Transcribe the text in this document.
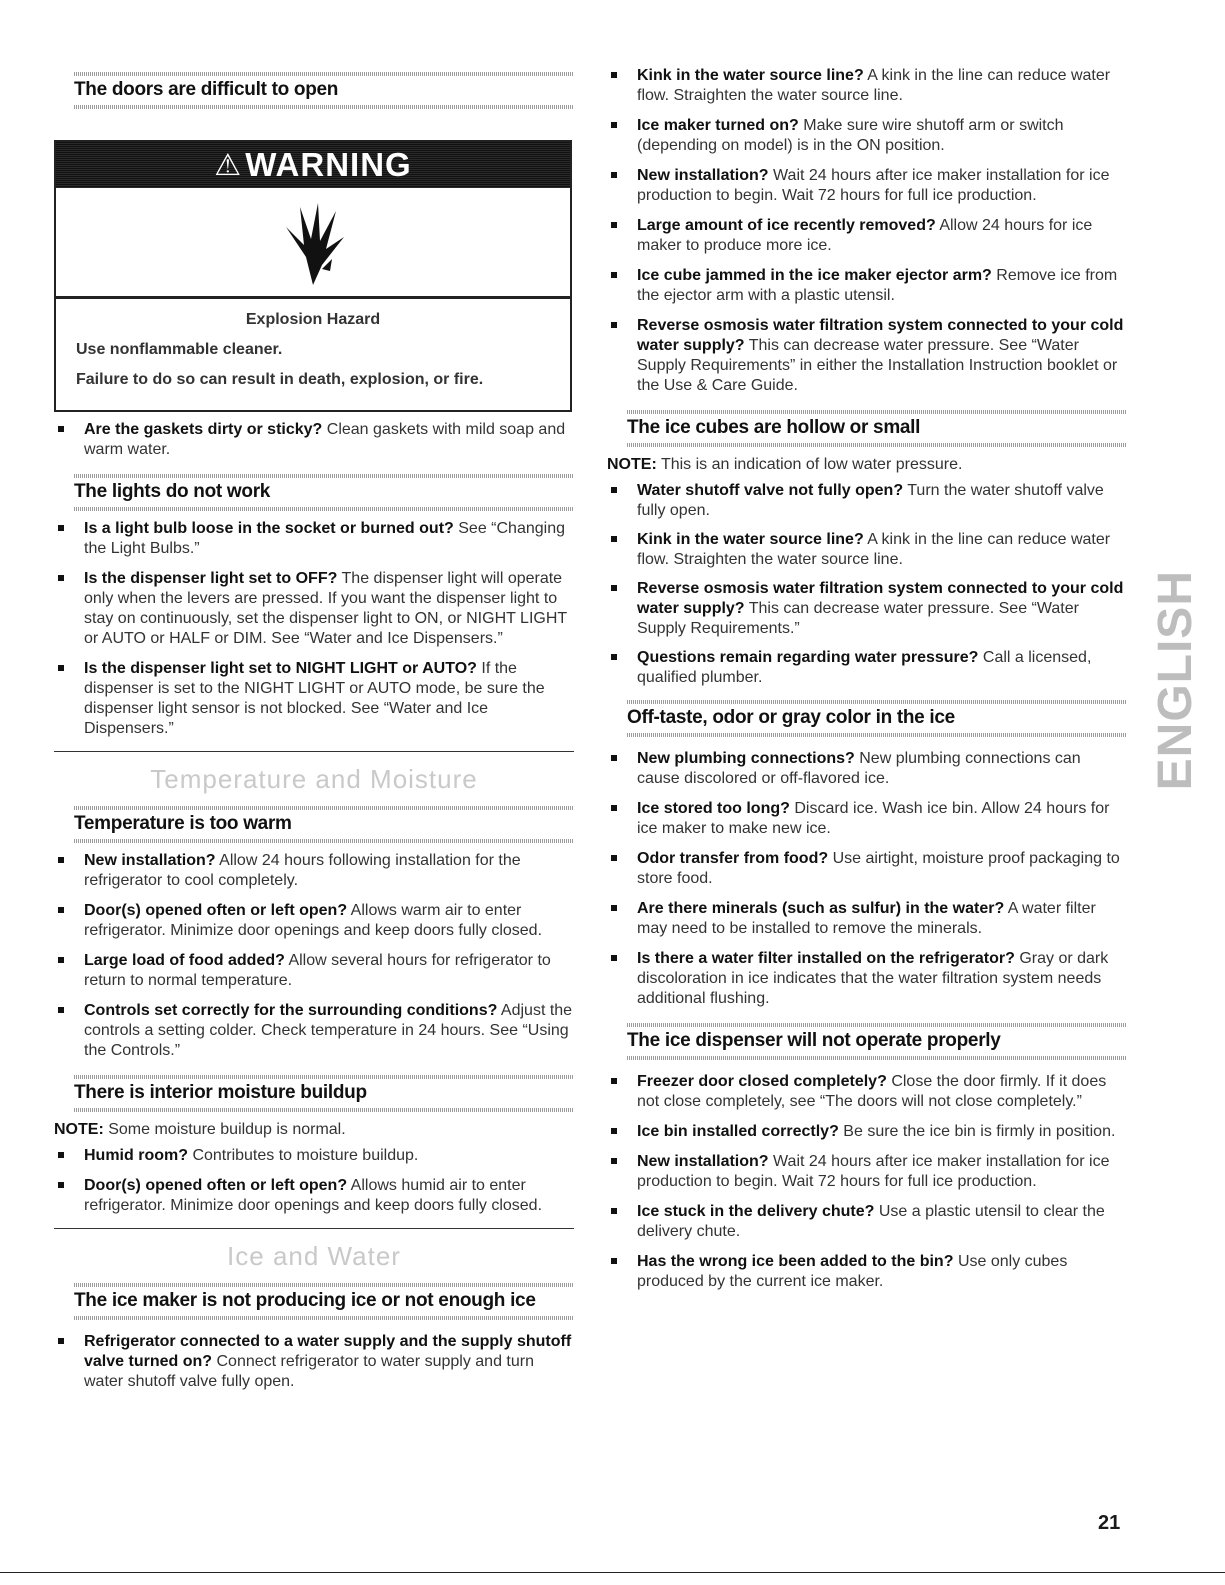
The doors are difficult to open
⚠ WARNING
Explosion Hazard
Use nonflammable cleaner.
Failure to do so can result in death, explosion, or fire.
Are the gaskets dirty or sticky? Clean gaskets with mild soap and warm water.
The lights do not work
Is a light bulb loose in the socket or burned out? See “Changing the Light Bulbs.”
Is the dispenser light set to OFF? The dispenser light will operate only when the levers are pressed. If you want the dispenser light to stay on continuously, set the dispenser light to ON, or NIGHT LIGHT or AUTO or HALF or DIM. See “Water and Ice Dispensers.”
Is the dispenser light set to NIGHT LIGHT or AUTO? If the dispenser is set to the NIGHT LIGHT or AUTO mode, be sure the dispenser light sensor is not blocked. See “Water and Ice Dispensers.”
Temperature and Moisture
Temperature is too warm
New installation? Allow 24 hours following installation for the refrigerator to cool completely.
Door(s) opened often or left open? Allows warm air to enter refrigerator. Minimize door openings and keep doors fully closed.
Large load of food added? Allow several hours for refrigerator to return to normal temperature.
Controls set correctly for the surrounding conditions? Adjust the controls a setting colder. Check temperature in 24 hours. See “Using the Controls.”
There is interior moisture buildup
NOTE: Some moisture buildup is normal.
Humid room? Contributes to moisture buildup.
Door(s) opened often or left open? Allows humid air to enter refrigerator. Minimize door openings and keep doors fully closed.
Ice and Water
The ice maker is not producing ice or not enough ice
Refrigerator connected to a water supply and the supply shutoff valve turned on? Connect refrigerator to water supply and turn water shutoff valve fully open.
Kink in the water source line? A kink in the line can reduce water flow. Straighten the water source line.
Ice maker turned on? Make sure wire shutoff arm or switch (depending on model) is in the ON position.
New installation? Wait 24 hours after ice maker installation for ice production to begin. Wait 72 hours for full ice production.
Large amount of ice recently removed? Allow 24 hours for ice maker to produce more ice.
Ice cube jammed in the ice maker ejector arm? Remove ice from the ejector arm with a plastic utensil.
Reverse osmosis water filtration system connected to your cold water supply? This can decrease water pressure. See “Water Supply Requirements” in either the Installation Instruction booklet or the Use & Care Guide.
The ice cubes are hollow or small
NOTE: This is an indication of low water pressure.
Water shutoff valve not fully open? Turn the water shutoff valve fully open.
Kink in the water source line? A kink in the line can reduce water flow. Straighten the water source line.
Reverse osmosis water filtration system connected to your cold water supply? This can decrease water pressure. See “Water Supply Requirements.”
Questions remain regarding water pressure? Call a licensed, qualified plumber.
Off-taste, odor or gray color in the ice
New plumbing connections? New plumbing connections can cause discolored or off-flavored ice.
Ice stored too long? Discard ice. Wash ice bin. Allow 24 hours for ice maker to make new ice.
Odor transfer from food? Use airtight, moisture proof packaging to store food.
Are there minerals (such as sulfur) in the water? A water filter may need to be installed to remove the minerals.
Is there a water filter installed on the refrigerator? Gray or dark discoloration in ice indicates that the water filtration system needs additional flushing.
The ice dispenser will not operate properly
Freezer door closed completely? Close the door firmly. If it does not close completely, see “The doors will not close completely.”
Ice bin installed correctly? Be sure the ice bin is firmly in position.
New installation? Wait 24 hours after ice maker installation for ice production to begin. Wait 72 hours for full ice production.
Ice stuck in the delivery chute? Use a plastic utensil to clear the delivery chute.
Has the wrong ice been added to the bin? Use only cubes produced by the current ice maker.
ENGLISH
21
